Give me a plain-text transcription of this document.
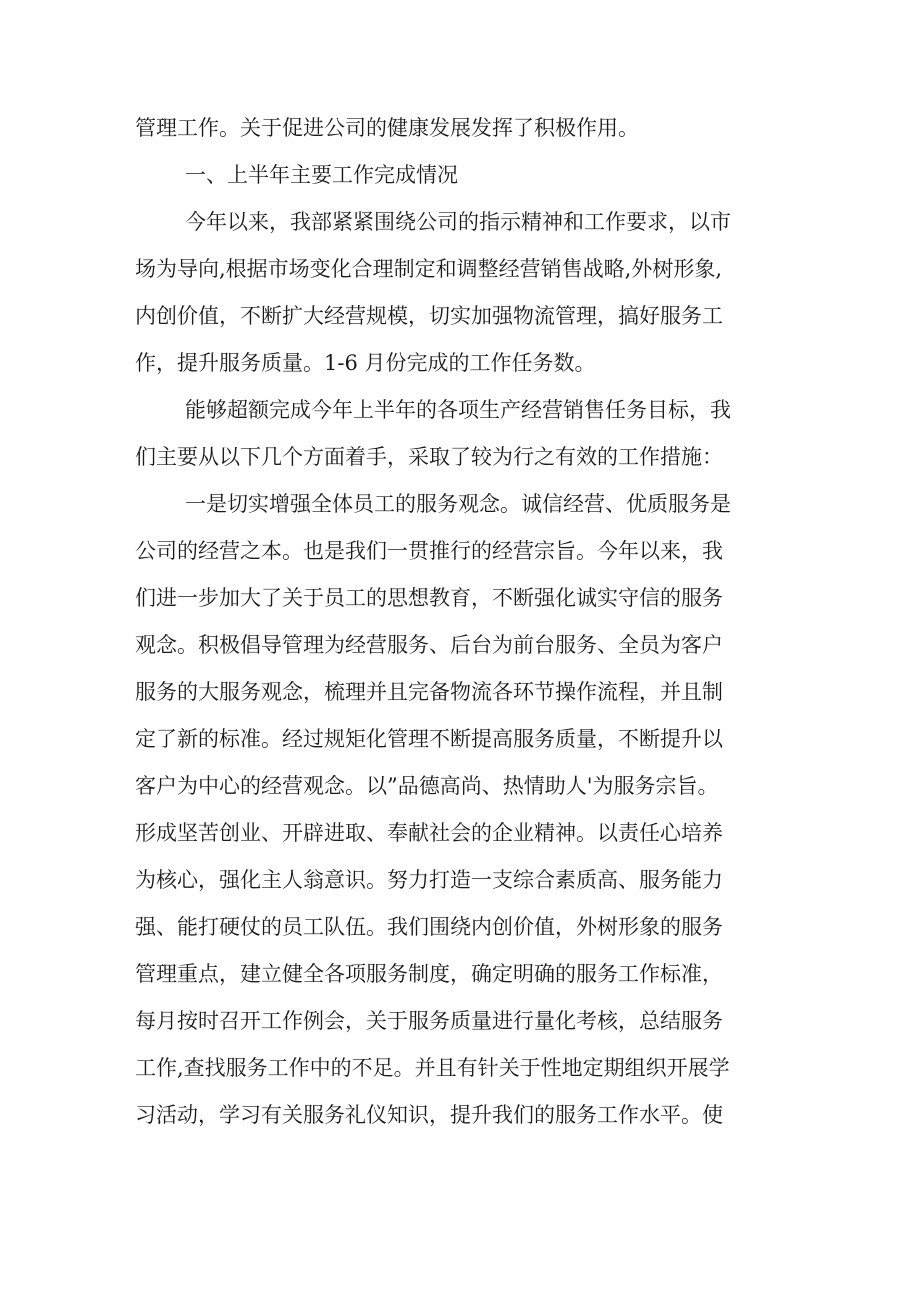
管理工作。关于促进公司的健康发展发挥了积极作用。
一、上半年主要工作完成情况
今年以来，我部紧紧围绕公司的指示精神和工作要求，以市
场为导向,根据市场变化合理制定和调整经营销售战略,外树形象,
内创价值，不断扩大经营规模，切实加强物流管理，搞好服务工
作，提升服务质量。1-6 月份完成的工作任务数。
能够超额完成今年上半年的各项生产经营销售任务目标，我
们主要从以下几个方面着手，采取了较为行之有效的工作措施：
一是切实增强全体员工的服务观念。诚信经营、优质服务是
公司的经营之本。也是我们一贯推行的经营宗旨。今年以来，我
们进一步加大了关于员工的思想教育，不断强化诚实守信的服务
观念。积极倡导管理为经营服务、后台为前台服务、全员为客户
服务的大服务观念，梳理并且完备物流各环节操作流程，并且制
定了新的标准。经过规矩化管理不断提高服务质量，不断提升以
客户为中心的经营观念。以”品德高尚、热情助人'为服务宗旨。
形成坚苦创业、开辟进取、奉献社会的企业精神。以责任心培养
为核心，强化主人翁意识。努力打造一支综合素质高、服务能力
强、能打硬仗的员工队伍。我们围绕内创价值，外树形象的服务
管理重点，建立健全各项服务制度，确定明确的服务工作标准，
每月按时召开工作例会，关于服务质量进行量化考核，总结服务
工作,查找服务工作中的不足。并且有针关于性地定期组织开展学
习活动，学习有关服务礼仪知识，提升我们的服务工作水平。使
